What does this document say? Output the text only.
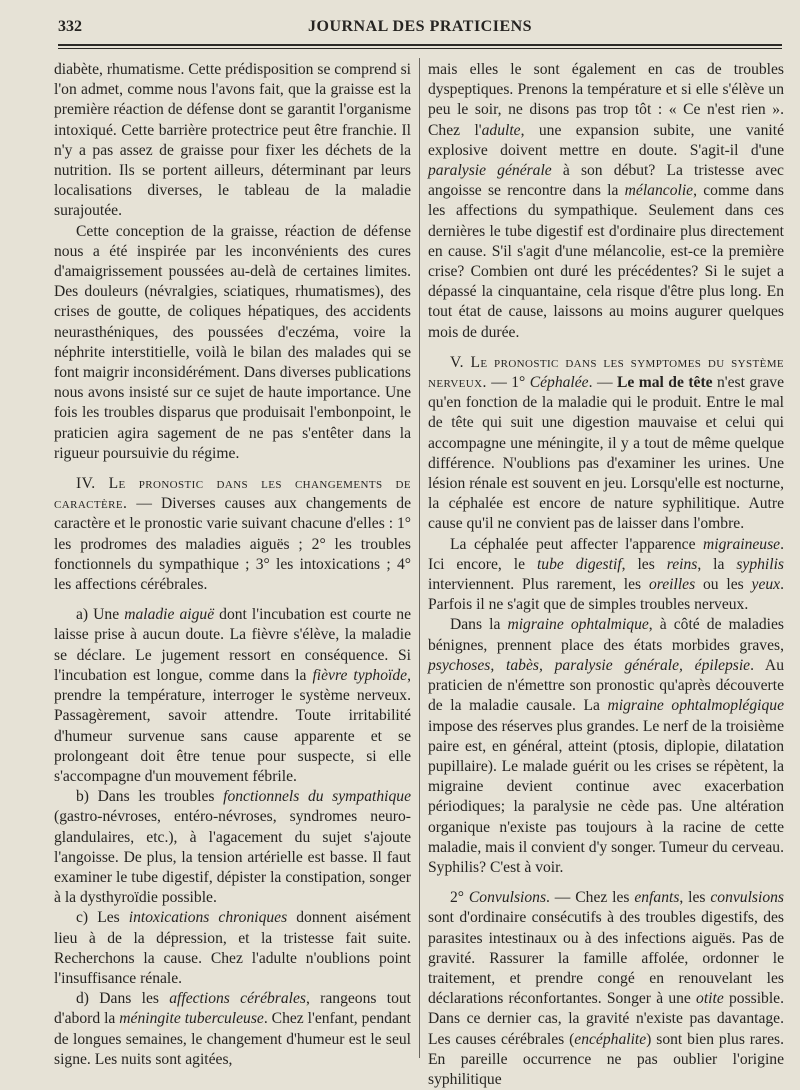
332	JOURNAL DES PRATICIENS

diabète, rhumatisme. Cette prédisposition se comprend si l'on admet, comme nous l'avons fait, que la graisse est la première réaction de défense dont se garantit l'organisme intoxiqué. Cette barrière protectrice peut être franchie. Il n'y a pas assez de graisse pour fixer les déchets de la nutrition. Ils se portent ailleurs, déterminant par leurs localisations diverses, le tableau de la maladie surajoutée.

Cette conception de la graisse, réaction de défense nous a été inspirée par les inconvénients des cures d'amaigrissement poussées au-delà de certaines limites. Des douleurs (névralgies, sciatiques, rhumatismes), des crises de goutte, de coliques hépatiques, des accidents neurasthéniques, des poussées d'eczéma, voire la néphrite interstitielle, voilà le bilan des malades qui se font maigrir inconsidérément. Dans diverses publications nous avons insisté sur ce sujet de haute importance. Une fois les troubles disparus que produisait l'embonpoint, le praticien agira sagement de ne pas s'entêter dans la rigueur poursuivie du régime.

IV. Le pronostic dans les changements de caractère. — Diverses causes aux changements de caractère et le pronostic varie suivant chacune d'elles : 1° les prodromes des maladies aiguës ; 2° les troubles fonctionnels du sympathique ; 3° les intoxications ; 4° les affections cérébrales.

a) Une maladie aiguë dont l'incubation est courte ne laisse prise à aucun doute. La fièvre s'élève, la maladie se déclare. Le jugement ressort en conséquence. Si l'incubation est longue, comme dans la fièvre typhoïde, prendre la température, interroger le système nerveux. Passagèrement, savoir attendre. Toute irritabilité d'humeur survenue sans cause apparente et se prolongeant doit être tenue pour suspecte, si elle s'accompagne d'un mouvement fébrile.

b) Dans les troubles fonctionnels du sympathique (gastro-névroses, entéro-névroses, syndromes neuro-glandulaires, etc.), à l'agacement du sujet s'ajoute l'angoisse. De plus, la tension artérielle est basse. Il faut examiner le tube digestif, dépister la constipation, songer à la dysthyroïdie possible.

c) Les intoxications chroniques donnent aisément lieu à de la dépression, et la tristesse fait suite. Recherchons la cause. Chez l'adulte n'oublions point l'insuffisance rénale.

d) Dans les affections cérébrales, rangeons tout d'abord la méningite tuberculeuse. Chez l'enfant, pendant de longues semaines, le changement d'humeur est le seul signe. Les nuits sont agitées,

mais elles le sont également en cas de troubles dyspeptiques. Prenons la température et si elle s'élève un peu le soir, ne disons pas trop tôt : « Ce n'est rien ». Chez l'adulte, une expansion subite, une vanité explosive doivent mettre en doute. S'agit-il d'une paralysie générale à son début? La tristesse avec angoisse se rencontre dans la mélancolie, comme dans les affections du sympathique. Seulement dans ces dernières le tube digestif est d'ordinaire plus directement en cause. S'il s'agit d'une mélancolie, est-ce la première crise? Combien ont duré les précédentes? Si le sujet a dépassé la cinquantaine, cela risque d'être plus long. En tout état de cause, laissons au moins augurer quelques mois de durée.

V. Le pronostic dans les symptomes du système nerveux. — 1° Céphalée. — Le mal de tête n'est grave qu'en fonction de la maladie qui le produit. Entre le mal de tête qui suit une digestion mauvaise et celui qui accompagne une méningite, il y a tout de même quelque différence. N'oublions pas d'examiner les urines. Une lésion rénale est souvent en jeu. Lorsqu'elle est nocturne, la céphalée est encore de nature syphilitique. Autre cause qu'il ne convient pas de laisser dans l'ombre.

La céphalée peut affecter l'apparence migraineuse. Ici encore, le tube digestif, les reins, la syphilis interviennent. Plus rarement, les oreilles ou les yeux. Parfois il ne s'agit que de simples troubles nerveux.

Dans la migraine ophtalmique, à côté de maladies bénignes, prennent place des états morbides graves, psychoses, tabès, paralysie générale, épilepsie. Au praticien de n'émettre son pronostic qu'après découverte de la maladie causale. La migraine ophtalmoplégique impose des réserves plus grandes. Le nerf de la troisième paire est, en général, atteint (ptosis, diplopie, dilatation pupillaire). Le malade guérit ou les crises se répètent, la migraine devient continue avec exacerbation périodiques; la paralysie ne cède pas. Une altération organique n'existe pas toujours à la racine de cette maladie, mais il convient d'y songer. Tumeur du cerveau. Syphilis? C'est à voir.

2° Convulsions. — Chez les enfants, les convulsions sont d'ordinaire consécutifs à des troubles digestifs, des parasites intestinaux ou à des infections aiguës. Pas de gravité. Rassurer la famille affolée, ordonner le traitement, et prendre congé en renouvelant les déclarations réconfortantes. Songer à une otite possible. Dans ce dernier cas, la gravité n'existe pas davantage. Les causes cérébrales (encéphalite) sont bien plus rares. En pareille occurrence ne pas oublier l'origine syphilitique
